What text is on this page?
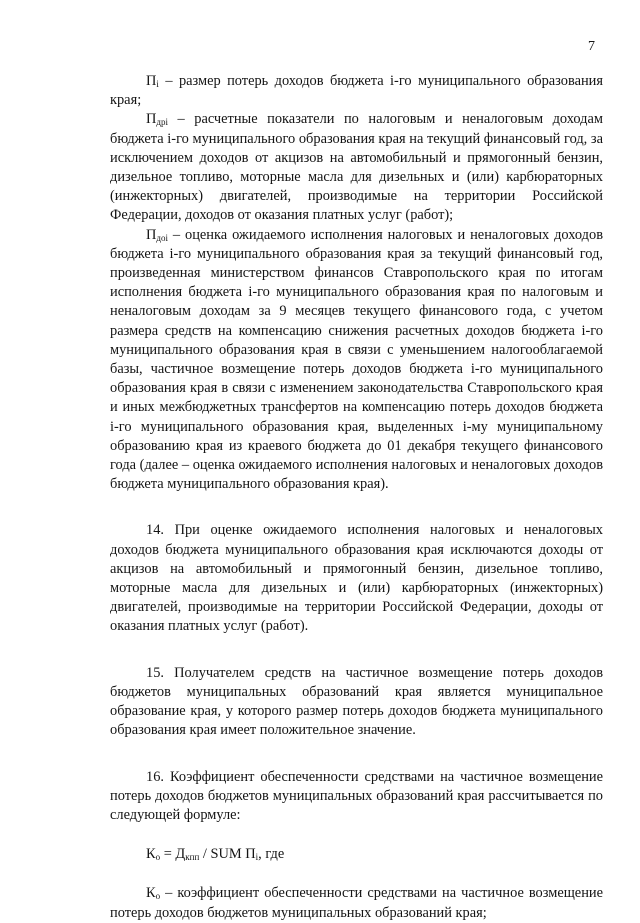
7

$П_i$ – размер потерь доходов бюджета i-го муниципального образования края;

$П_{дрi}$ – расчетные показатели по налоговым и неналоговым доходам бюджета i-го муниципального образования края на текущий финансовый год, за исключением доходов от акцизов на автомобильный и прямогонный бензин, дизельное топливо, моторные масла для дизельных и (или) карбюраторных (инжекторных) двигателей, производимые на территории Российской Федерации, доходов от оказания платных услуг (работ);

$П_{доi}$ – оценка ожидаемого исполнения налоговых и неналоговых доходов бюджета i-го муниципального образования края за текущий финансовый год, произведенная министерством финансов Ставропольского края по итогам исполнения бюджета i-го муниципального образования края по налоговым и неналоговым доходам за 9 месяцев текущего финансового года, с учетом размера средств на компенсацию снижения расчетных доходов бюджета i-го муниципального образования края в связи с уменьшением налогооблагаемой базы, частичное возмещение потерь доходов бюджета i-го муниципального образования края в связи с изменением законодательства Ставропольского края и иных межбюджетных трансфертов на компенсацию потерь доходов бюджета i-го муниципального образования края, выделенных i-му муниципальному образованию края из краевого бюджета до 01 декабря текущего финансового года (далее – оценка ожидаемого исполнения налоговых и неналоговых доходов бюджета муниципального образования края).

14. При оценке ожидаемого исполнения налоговых и неналоговых доходов бюджета муниципального образования края исключаются доходы от акцизов на автомобильный и прямогонный бензин, дизельное топливо, моторные масла для дизельных и (или) карбюраторных (инжекторных) двигателей, производимые на территории Российской Федерации, доходы от оказания платных услуг (работ).

15. Получателем средств на частичное возмещение потерь доходов бюджетов муниципальных образований края является муниципальное образование края, у которого размер потерь доходов бюджета муниципального образования края имеет положительное значение.

16. Коэффициент обеспеченности средствами на частичное возмещение потерь доходов бюджетов муниципальных образований края рассчитывается по следующей формуле:

$К_о = Д_{кпп}$ / SUM $П_i$, где

$К_о$ – коэффициент обеспеченности средствами на частичное возмещение потерь доходов бюджетов муниципальных образований края;
